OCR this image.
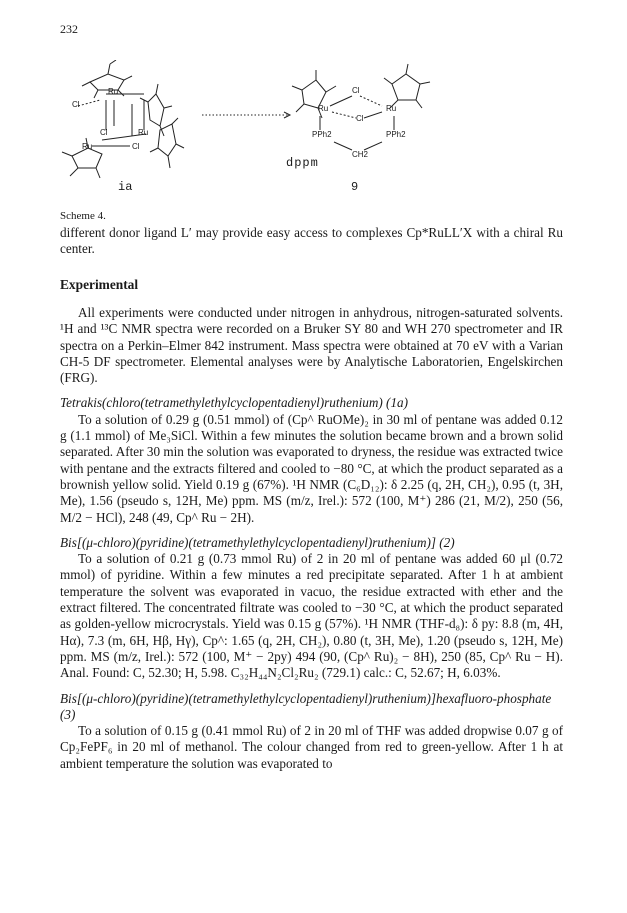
232
Ru
Cl
Ru
Cl
Ru	Cl
Cl
Ru
Ru
Cl
PPh2	PPh2
CH2
dppm
ia	9
Scheme 4.

different donor ligand L′ may provide easy access to complexes Cp*RuLL′X with a chiral Ru center.

Experimental

All experiments were conducted under nitrogen in anhydrous, nitrogen-saturated solvents. ¹H and ¹³C NMR spectra were recorded on a Bruker SY 80 and WH 270 spectrometer and IR spectra on a Perkin–Elmer 842 instrument. Mass spectra were obtained at 70 eV with a Varian CH-5 DF spectrometer. Elemental analyses were by Analytische Laboratorien, Engelskirchen (FRG).

Tetrakis(chloro(tetramethylethylcyclopentadienyl)ruthenium) (1a)

To a solution of 0.29 g (0.51 mmol) of (Cp^ RuOMe)₂ in 30 ml of pentane was added 0.12 g (1.1 mmol) of Me₃SiCl. Within a few minutes the solution became brown and a brown solid separated. After 30 min the solution was evaporated to dryness, the residue was extracted twice with pentane and the extracts filtered and cooled to −80 °C, at which the product separated as a brownish yellow solid. Yield 0.19 g (67%). ¹H NMR (C₆D₁₂): δ 2.25 (q, 2H, CH₂), 0.95 (t, 3H, Me), 1.56 (pseudo s, 12H, Me) ppm. MS (m/z, Irel.): 572 (100, M⁺) 286 (21, M/2), 250 (56, M/2 − HCl), 248 (49, Cp^ Ru − 2H).

Bis[(μ-chloro)(pyridine)(tetramethylethylcyclopentadienyl)ruthenium)] (2)

To a solution of 0.21 g (0.73 mmol Ru) of 2 in 20 ml of pentane was added 60 μl (0.72 mmol) of pyridine. Within a few minutes a red precipitate separated. After 1 h at ambient temperature the solvent was evaporated in vacuo, the residue extracted with ether and the extract filtered. The concentrated filtrate was cooled to −30 °C, at which the product separated as golden-yellow microcrystals. Yield was 0.15 g (57%). ¹H NMR (THF-d₈): δ py: 8.8 (m, 4H, Hα), 7.3 (m, 6H, Hβ, Hγ), Cp^: 1.65 (q, 2H, CH₂), 0.80 (t, 3H, Me), 1.20 (pseudo s, 12H, Me) ppm. MS (m/z, Irel.): 572 (100, M⁺ − 2py) 494 (90, (Cp^ Ru)₂ − 8H), 250 (85, Cp^ Ru − H). Anal. Found: C, 52.30; H, 5.98. C₃₂H₄₄N₂Cl₂Ru₂ (729.1) calc.: C, 52.67; H, 6.03%.

Bis[(μ-chloro)(pyridine)(tetramethylethylcyclopentadienyl)ruthenium)]hexafluoro-phosphate (3)

To a solution of 0.15 g (0.41 mmol Ru) of 2 in 20 ml of THF was added dropwise 0.07 g of Cp₂FePF₆ in 20 ml of methanol. The colour changed from red to green-yellow. After 1 h at ambient temperature the solution was evaporated to
